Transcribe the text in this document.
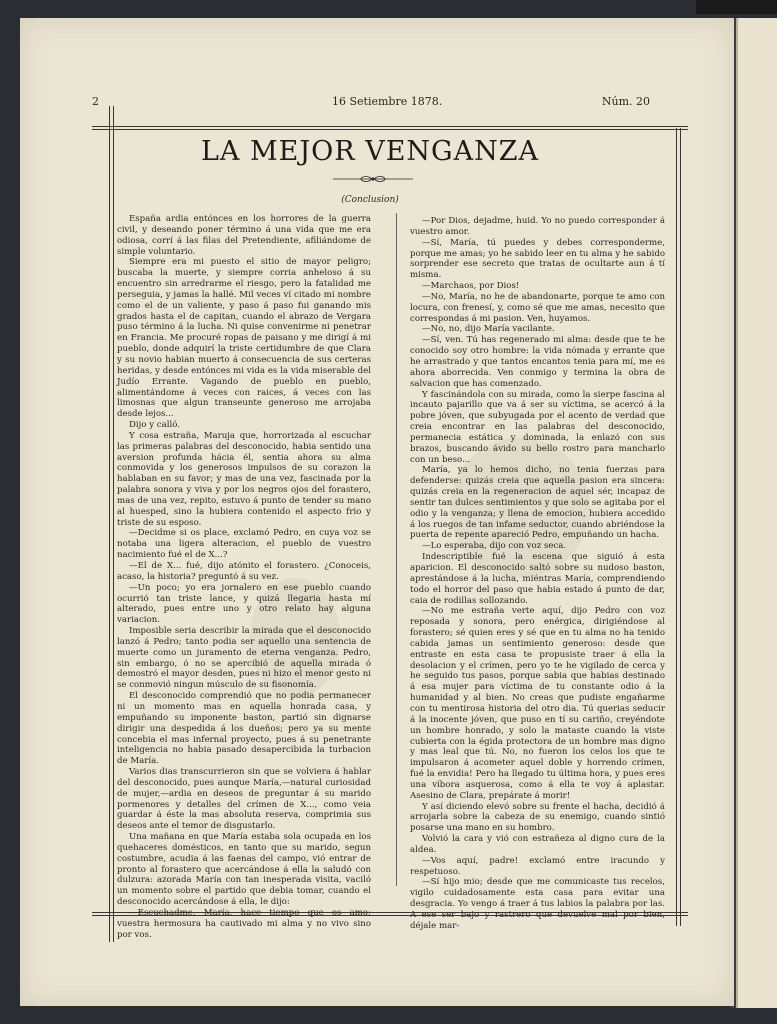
2	16 Setiembre 1878.	Núm. 20
LA MEJOR VENGANZA
(Conclusion)

España ardia entónces en los horrores de la guerra civil, y deseando poner término á una vida que me era odiosa, corrí á las filas del Pretendiente, afiliándome de simple voluntario.

Siempre era mi puesto el sitio de mayor peligro; buscaba la muerte, y siempre corria anheloso á su encuentro sin arredrarme el riesgo, pero la fatalidad me perseguia, y jamas la hallé. Mil veces ví citado mi nombre como el de un valiente, y paso á paso fui ganando mis grados hasta el de capitan, cuando el abrazo de Vergara puso término á la lucha. Ni quise convenirme ni penetrar en Francia. Me procuré ropas de paisano y me dirigí á mi pueblo, donde adquirí la triste certidumbre de que Clara y su novio habian muerto á consecuencia de sus certeras heridas, y desde entónces mi vida es la vida miserable del Judío Errante. Vagando de pueblo en pueblo, alimentándome á veces con raices, á veces con las limosnas que algun transeunte generoso me arrojaba desde lejos...

Dijo y calló.

Y cosa estraña, Maruja que, horrorizada al escuchar las primeras palabras del desconocido, habia sentido una aversion profunda hácia él, sentia ahora su alma conmovida y los generosos impulsos de su corazon la hablaban en su favor; y mas de una vez, fascinada por la palabra sonora y viva y por los negros ojos del forastero, mas de una vez, repito, estuvo á punto de tender su mano al huesped, sino la hubiera contenido el aspecto frio y triste de su esposo.

—Decidme si os place, exclamó Pedro, en cuya voz se notaba una ligera alteracion, el pueblo de vuestro nacimiento fué el de X...?

—El de X... fué, dijo atónito el forastero. ¿Conoceis, acaso, la historia? preguntó á su vez.

—Un poco; yo era jornalero en ese pueblo cuando ocurrió tan triste lance, y quizá llegaria hasta mí alterado, pues entre uno y otro relato hay alguna variacion.

Imposible seria describir la mirada que el desconocido lanzó á Pedro; tanto podia ser aquello una sentencia de muerte como un juramento de eterna venganza. Pedro, sin embargo, ó no se apercibió de aquella mirada ó demostró el mayor desden, pues ni hizo el menor gesto ni se conmovió ningun músculo de su fisonomía.

El desconocido comprendió que no podia permanecer ni un momento mas en aquella honrada casa, y empuñando su imponente baston, partió sin dignarse dirigir una despedida á los dueños; pero ya su mente concebia el mas infernal proyecto, pues á su penetrante inteligencia no habia pasado desapercibida la turbacion de María.

Varios dias transcurrieron sin que se volviera á hablar del desconocido, pues aunque María,—natural curiosidad de mujer,—ardia en deseos de preguntar á su marido pormenores y detalles del crímen de X..., como veia guardar á éste la mas absoluta reserva, comprimia sus deseos ante el temor de disgustarlo.

Una mañana en que María estaba sola ocupada en los quehaceres domésticos, en tanto que su marido, segun costumbre, acudia á las faenas del campo, vió entrar de pronto al forastero que acercándose á ella la saludó con dulzura: azorada María con tan inesperada visita, vaciló un momento sobre el partido que debia tomar, cuando el desconocido acercándose á ella, le dijo:

—Escuchadme, María, hace tiempo que os amo; vuestra hermosura ha cautivado mi alma y no vivo sino por vos.

—Por Dios, dejadme, huid. Yo no puedo corresponder á vuestro amor.

—Sí, María, tú puedes y debes corresponderme, porque me amas; yo he sabido leer en tu alma y he sabido sorprender ese secreto que tratas de ocultarte aun á tí misma.

—Marchaos, por Dios!

—No, María, no he de abandonarte, porque te amo con locura, con frenesí, y, como sé que me amas, necesito que correspondas á mi pasion. Ven, huyamos.

—No, no, dijo María vacilante.

—Sí, ven. Tú has regenerado mi alma: desde que te he conocido soy otro hombre: la vida nómada y errante que he arrastrado y que tantos encantos tenia para mí, me es ahora aborrecida. Ven conmigo y termina la obra de salvacion que has comenzado.

Y fascinándola con su mirada, como la sierpe fascina al incauto pajarillo que va á ser su víctima, se acercó á la pobre jóven, que subyugada por el acento de verdad que creia encontrar en las palabras del desconocido, permanecia estática y dominada, la enlazó con sus brazos, buscando ávido su bello rostro para mancharlo con un beso...

María, ya lo hemos dicho, no tenia fuerzas para defenderse: quizás creia que aquella pasion era sincera: quizás creia en la regeneracion de aquel sér, incapaz de sentir tan dulces sentimientos y que solo se agitaba por el odio y la venganza; y llena de emocion, hubiera accedido á los ruegos de tan infame seductor, cuando abriéndose la puerta de repente apareció Pedro, empuñando un hacha.

—Lo esperaba, dijo con voz seca.

Indescriptible fué la escena que siguió á esta aparicion. El desconocido saltó sobre su nudoso baston, aprestándose á la lucha, miéntras María, comprendiendo todo el horror del paso que habia estado á punto de dar, caia de rodillas sollozando.

—No me estraña verte aquí, dijo Pedro con voz reposada y sonora, pero enérgica, dirigiéndose al forastero; sé quien eres y sé que en tu alma no ha tenido cabida jamas un sentimiento generoso: desde que entraste en esta casa te propusiste traer á ella la desolacion y el crímen, pero yo te he vigilado de cerca y he seguido tus pasos, porque sabia que habias destinado á esa mujer para víctima de tu constante odio á la humanidad y al bien. No creas que pudiste engañarme con tu mentirosa historia del otro dia. Tú querias seducir á la inocente jóven, que puso en tí su cariño, creyéndote un hombre honrado, y solo la mataste cuando la viste cubierta con la égida protectora de un hombre mas digno y mas leal que tú. No, no fueron los celos los que te impulsaron á acometer aquel doble y horrendo crímen, fué la envidia! Pero ha llegado tu última hora, y pues eres una víbora asquerosa, como á ella te voy á aplastar. Asesino de Clara, prepárate á morir!

Y así diciendo elevó sobre su frente el hacha, decidió á arrojarla sobre la cabeza de su enemigo, cuando sintió posarse una mano en su hombro.

Volvió la cara y vió con estrañeza al digno cura de la aldea.

—Vos aquí, padre! exclamó entre iracundo y respetuoso.

—Sí hijo mio; desde que me comunicaste tus recelos, vigilo cuidadosamente esta casa para evitar una desgracia. Yo vengo á traer á tus labios la palabra por las. A ese ser bajo y rastrero que devuelve mal por bien, déjale mar-
